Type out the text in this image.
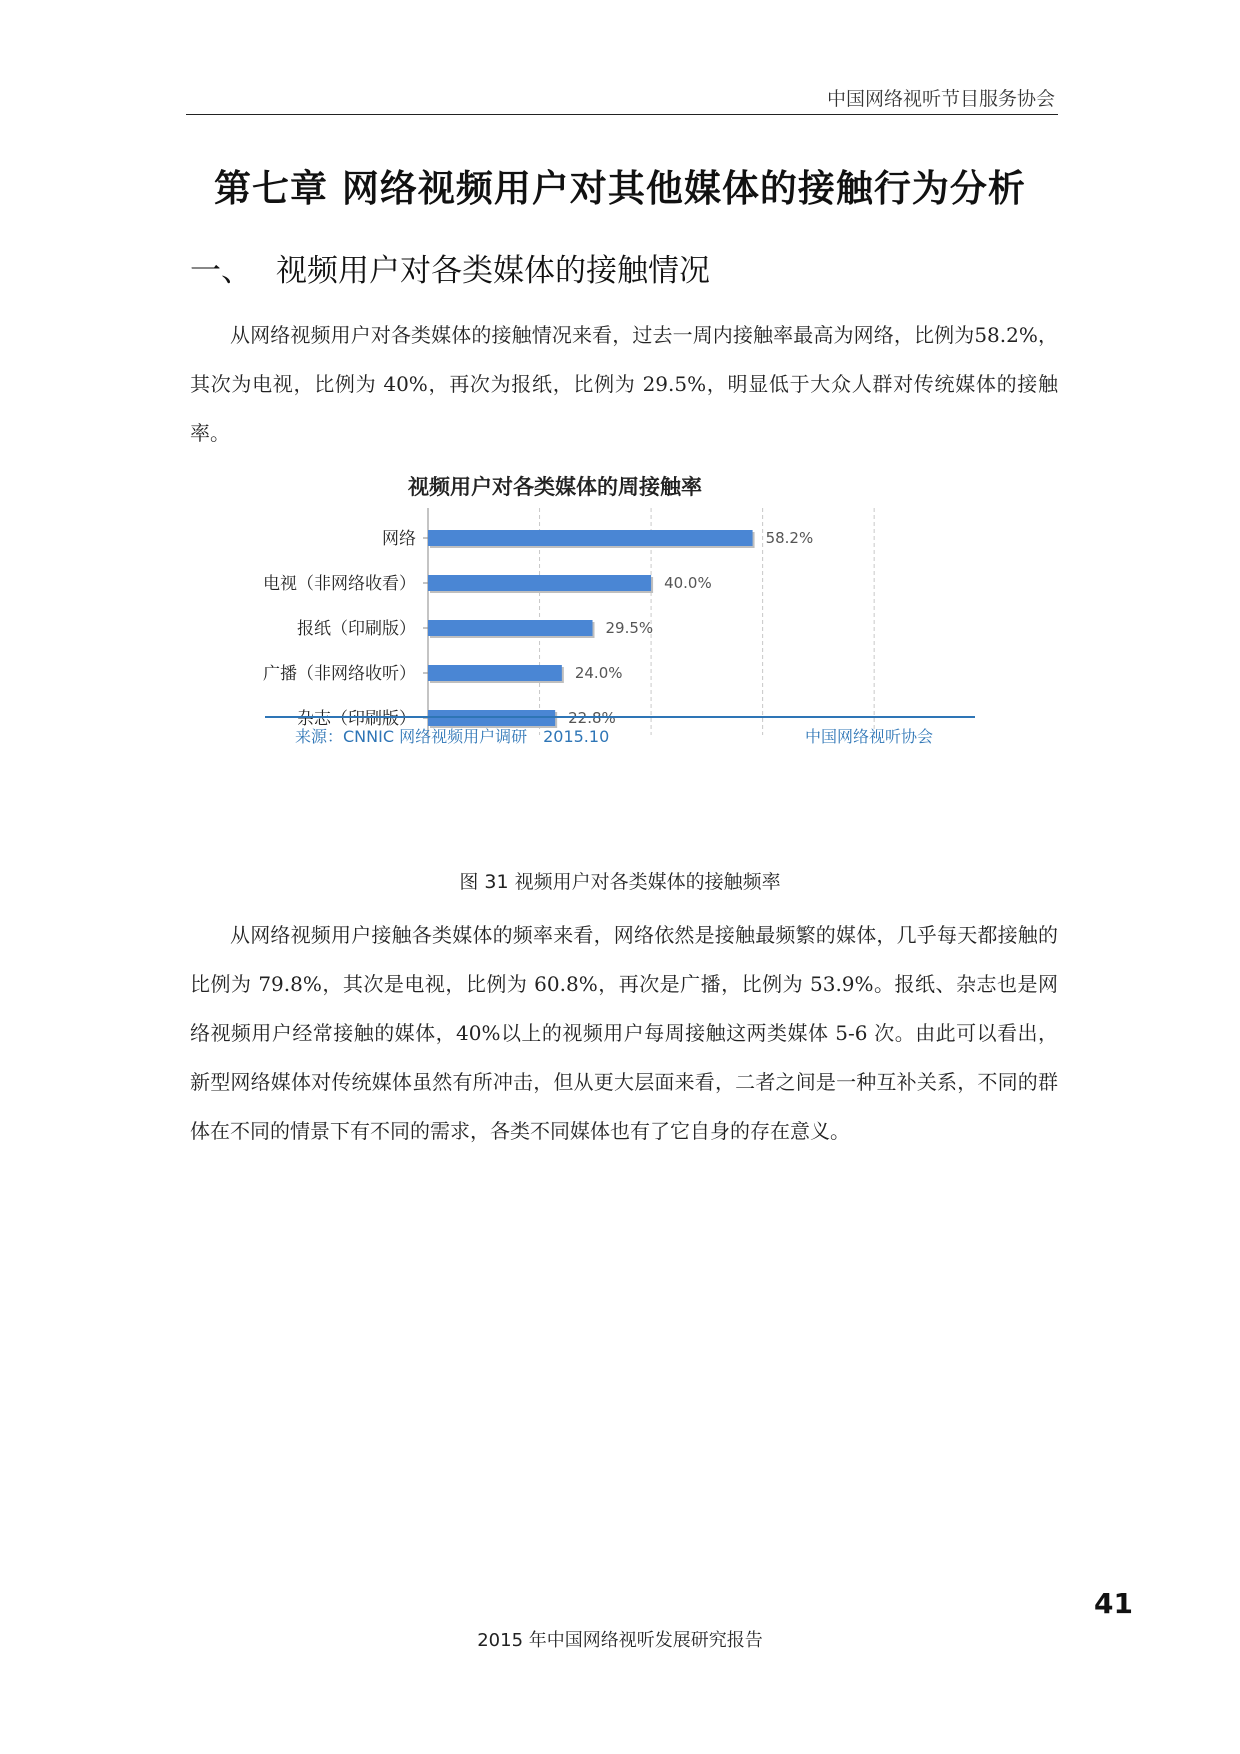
中国网络视听节目服务协会
第七章 网络视频用户对其他媒体的接触行为分析
一、 视频用户对各类媒体的接触情况
从网络视频用户对各类媒体的接触情况来看，过去一周内接触率最高为网络，比例为58.2%，其次为电视，比例为 40%，再次为报纸，比例为 29.5%，明显低于大众人群对传统媒体的接触率。
视频用户对各类媒体的周接触率
网络	58.2%
电视（非网络收看）	40.0%
报纸（印刷版）	29.5%
广播（非网络收听）	24.0%
杂志（印刷版）	22.8%
来源：CNNIC 网络视频用户调研　2015.10	中国网络视听协会
图 31 视频用户对各类媒体的接触频率
从网络视频用户接触各类媒体的频率来看，网络依然是接触最频繁的媒体，几乎每天都接触的比例为 79.8%，其次是电视，比例为 60.8%，再次是广播，比例为 53.9%。报纸、杂志也是网络视频用户经常接触的媒体，40%以上的视频用户每周接触这两类媒体 5-6 次。由此可以看出，新型网络媒体对传统媒体虽然有所冲击，但从更大层面来看，二者之间是一种互补关系，不同的群体在不同的情景下有不同的需求，各类不同媒体也有了它自身的存在意义。
41
2015 年中国网络视听发展研究报告
